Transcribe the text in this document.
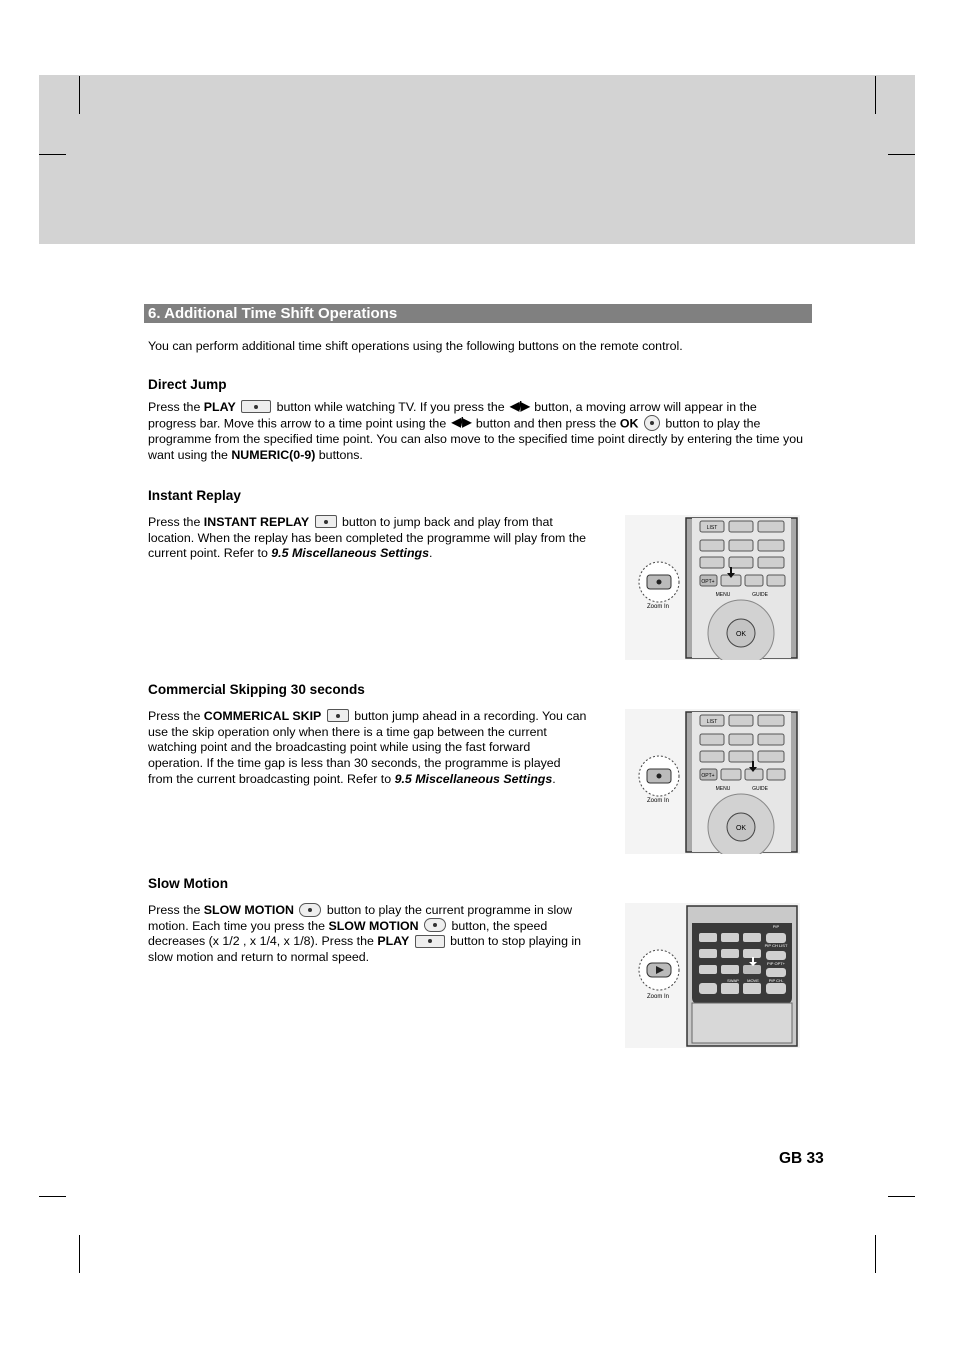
6. Additional Time Shift Operations
You can perform additional time shift operations using the following buttons on the remote control.
Direct Jump
Press the PLAY	button while watching TV. If you press the ◀/▶ button, a moving arrow will appear in the
progress bar. Move this arrow to a time point using the ◀/▶ button and then press the OK
button to play the
programme from the specified time point. You can also move to the specified time point directly by entering the time you
want using the NUMERIC(0-9) buttons.
Instant Replay
Press the INSTANT REPLAY
button to jump back and play from that
location. When the replay has been completed the programme will play from the
current point. Refer to 9.5 Miscellaneous Settings.
Commercial Skipping 30 seconds
Press the COMMERICAL SKIP
button jump ahead in a recording. You can
use the skip operation only when there is a time gap between the current
watching point and the broadcasting point while using the fast forward
operation. If the time gap is less than 30 seconds, the programme is played
from the current broadcasting point. Refer to 9.5 Miscellaneous Settings.
Slow Motion
Press the SLOW MOTION
button to play the current programme in slow
motion. Each time you press the SLOW MOTION
button, the speed
decreases (x 1/2 , x 1/4, x 1/8). Press the PLAY	button to stop playing in
slow motion and return to normal speed.
LIST
OPT+
MENU	GUIDE
OK
Zoom In
LIST
OPT+
MENU	GUIDE
OK
Zoom In
PIP
PIP CH LIST
PIP OPT+
PIP CH-
SWAP MOVE
Zoom In
GB 33
